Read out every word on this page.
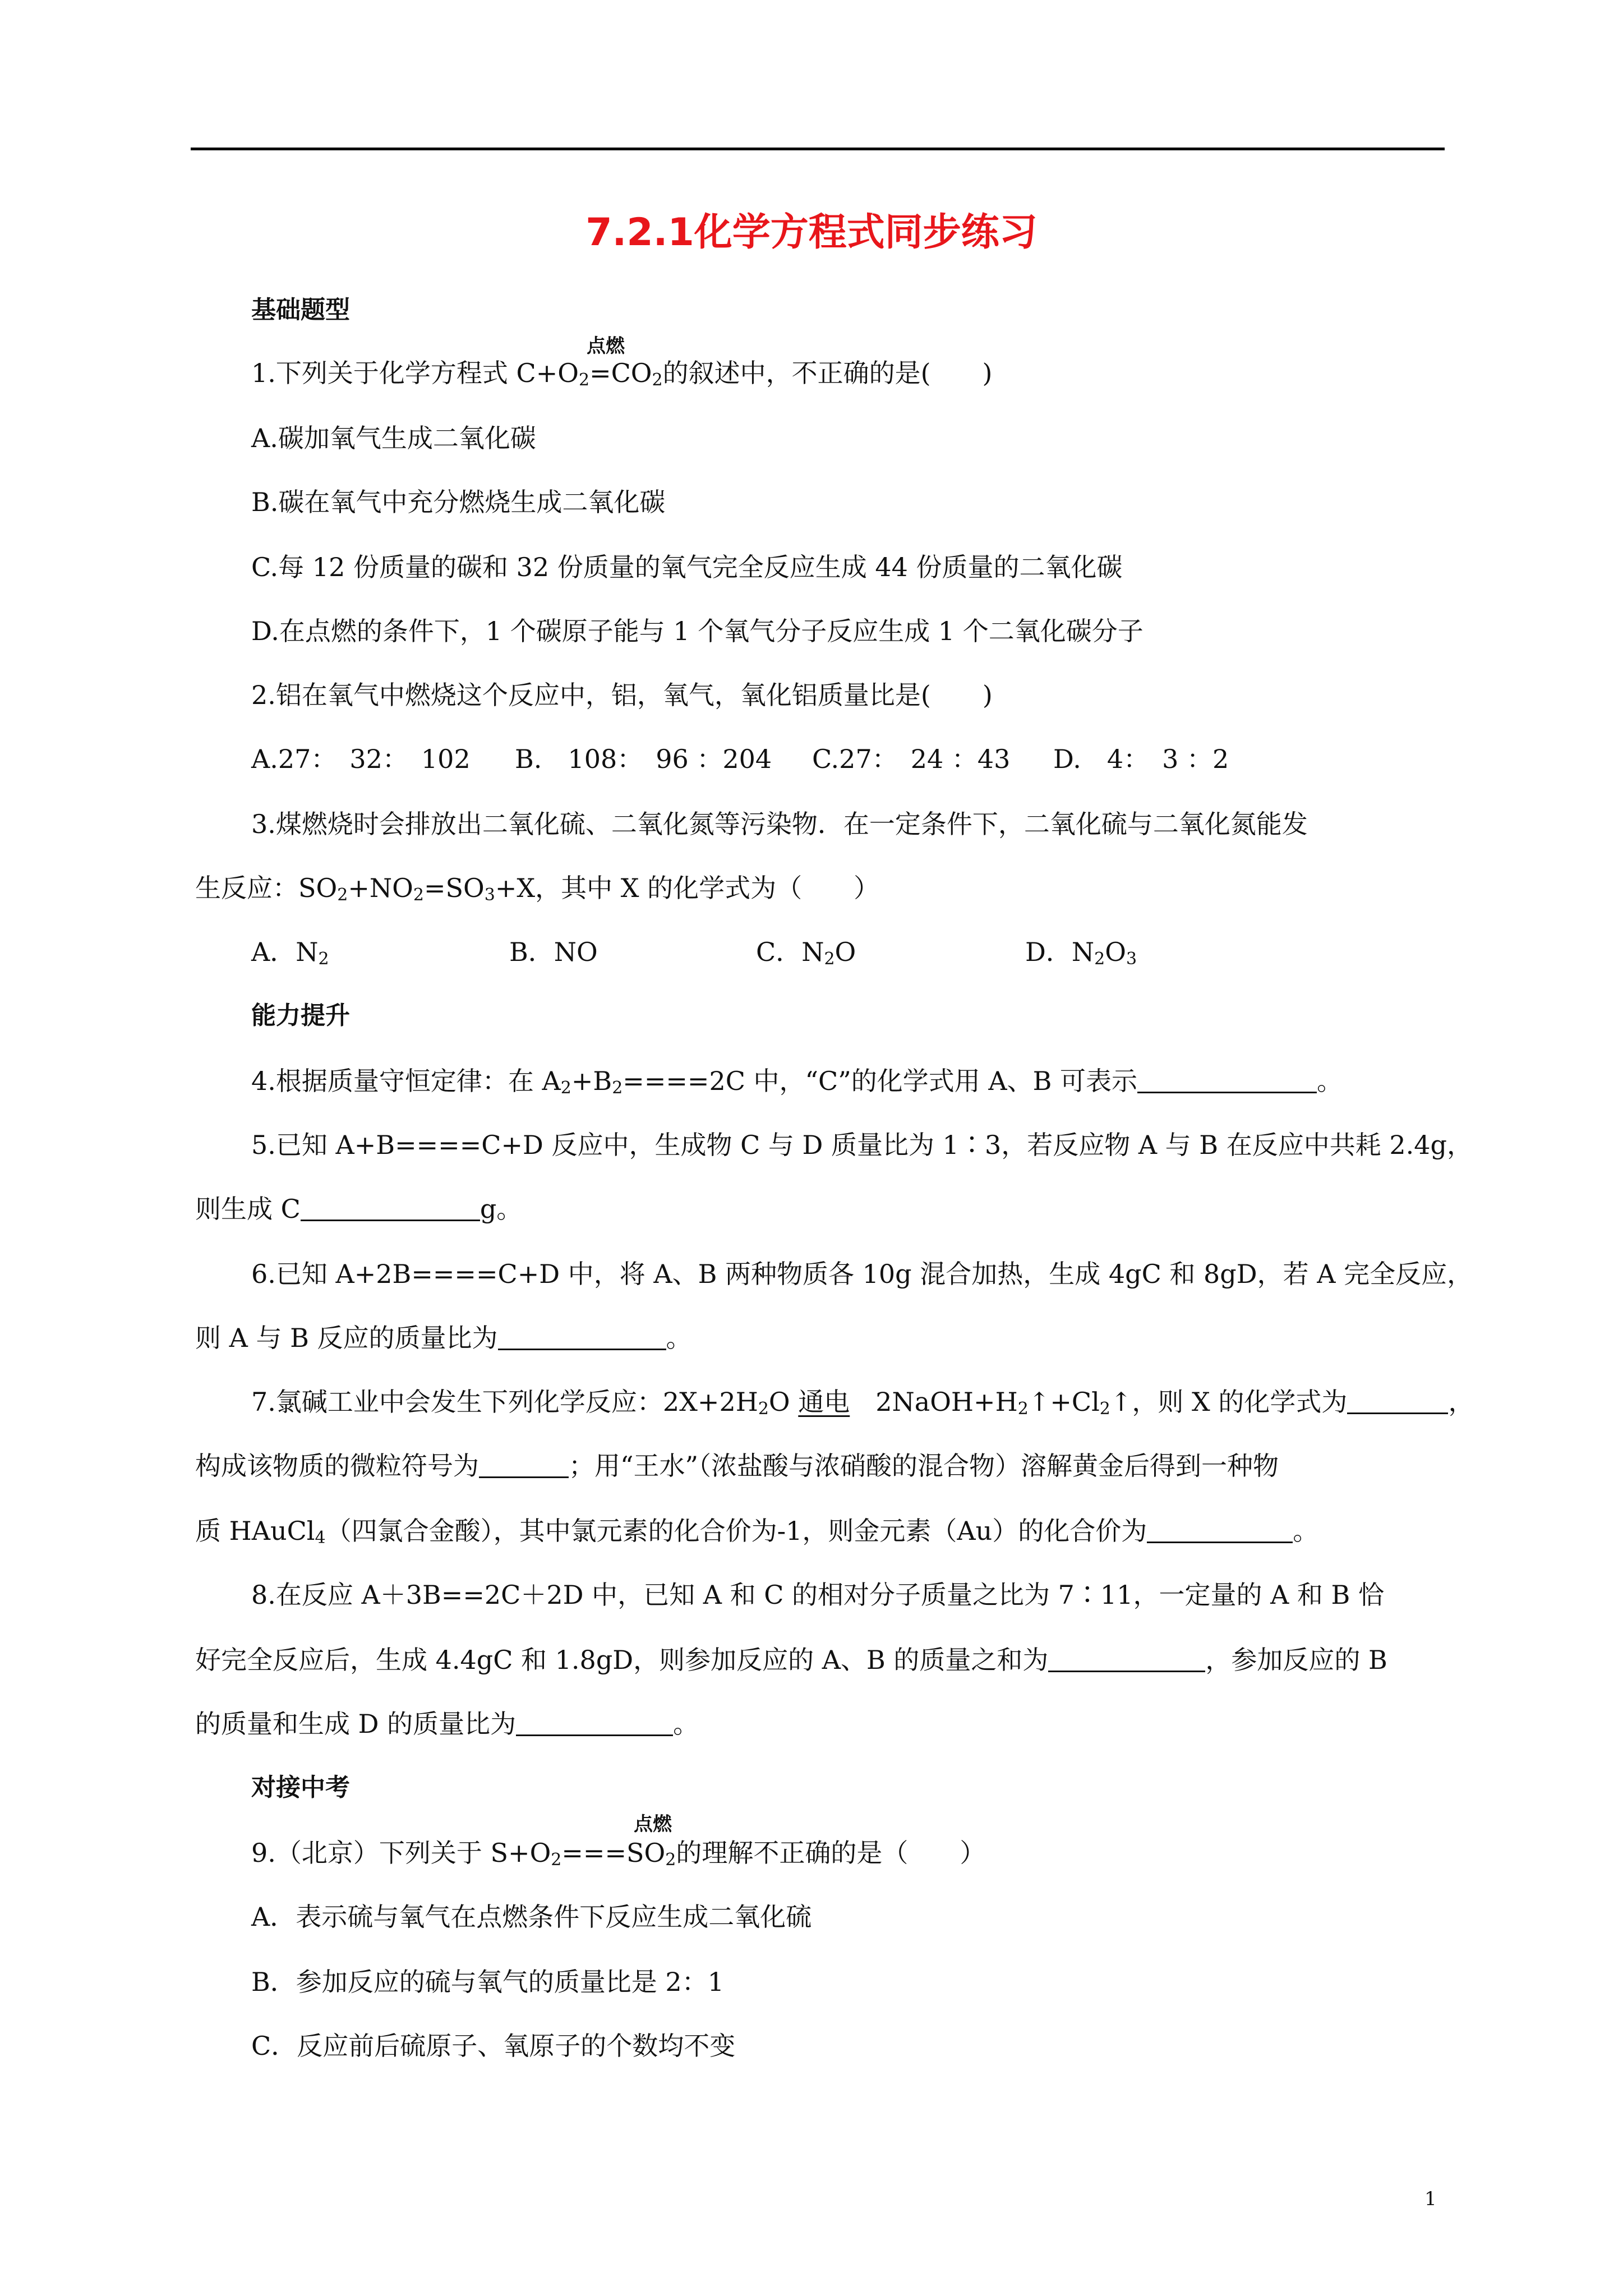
7.2.1化学方程式同步练习
基础题型
点燃
1.下列关于化学方程式 $C+O_2=CO_2$的叙述中，不正确的是(　　)
A.碳加氧气生成二氧化碳
B.碳在氧气中充分燃烧生成二氧化碳
C.每 12 份质量的碳和 32 份质量的氧气完全反应生成 44 份质量的二氧化碳
D.在点燃的条件下，1 个碳原子能与 1 个氧气分子反应生成 1 个二氧化碳分子
2.铝在氧气中燃烧这个反应中，铝，氧气，氧化铝质量比是(　　)
A.27：　32：　102 B.　108：　96 ：204 C.27：　24 ：43 D.　4：　3 ：2
3.煤燃烧时会排放出二氧化硫、二氧化氮等污染物．在一定条件下，二氧化硫与二氧化氮能发
生反应：$SO_2+NO_2=SO_3+X$，其中 X 的化学式为（　　）
A．$N_2$	B．NO	C．$N_2O$	D．$N_2O_3$
能力提升
4.根据质量守恒定律：在 $A_2+B_2====2C$ 中，“C”的化学式用 A、B 可表示	。
5.已知 A+B====C+D 反应中，生成物 C 与 D 质量比为 1∶3，若反应物 A 与 B 在反应中共耗 2.4g，
则生成 C	g。
6.已知 A+2B====C+D 中，将 A、B 两种物质各 10g 混合加热，生成 4gC 和 8gD，若 A 完全反应，
则 A 与 B 反应的质量比为	。
7.氯碱工业中会发生下列化学反应：$2X+2H_2O$ 通电　$2NaOH+H_2↑+Cl_2↑$，则 X 的化学式为	，
构成该物质的微粒符号为	；用“王水”（浓盐酸与浓硝酸的混合物）溶解黄金后得到一种物
质 HAuCl$_4$（四氯合金酸），其中氯元素的化合价为-1，则金元素（Au）的化合价为	。
8.在反应 A＋3B==2C＋2D 中，已知 A 和 C 的相对分子质量之比为 7∶11，一定量的 A 和 B 恰
好完全反应后，生成 4.4gC 和 1.8gD，则参加反应的 A、B 的质量之和为	，参加反应的 B
的质量和生成 D 的质量比为	。
对接中考
点燃
9.（北京）下列关于 $S+O_2===SO_2$的理解不正确的是（　　）
A．表示硫与氧气在点燃条件下反应生成二氧化硫
B．参加反应的硫与氧气的质量比是 2：1
C．反应前后硫原子、氧原子的个数均不变
1
